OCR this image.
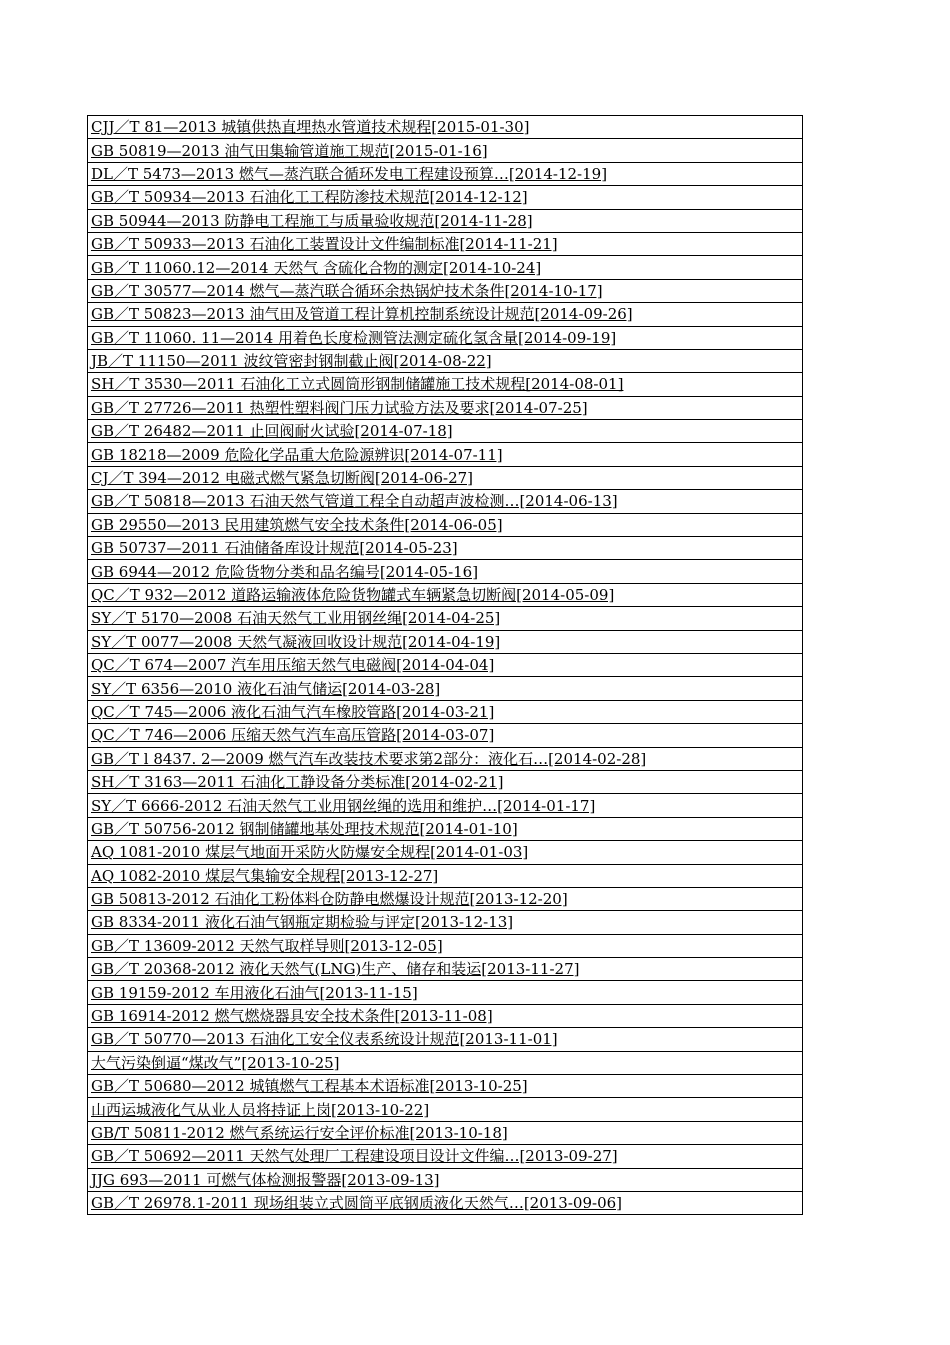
CJJ／T 81—2013 城镇供热直埋热水管道技术规程[2015-01-30]
GB 50819—2013 油气田集输管道施工规范[2015-01-16]
DL／T 5473—2013 燃气—蒸汽联合循环发电工程建设预算…[2014-12-19]
GB／T 50934—2013 石油化工工程防渗技术规范[2014-12-12]
GB 50944—2013 防静电工程施工与质量验收规范[2014-11-28]
GB／T 50933—2013 石油化工装置设计文件编制标准[2014-11-21]
GB／T 11060.12—2014 天然气 含硫化合物的测定[2014-10-24]
GB／T 30577—2014 燃气—蒸汽联合循环余热锅炉技术条件[2014-10-17]
GB／T 50823—2013 油气田及管道工程计算机控制系统设计规范[2014-09-26]
GB／T 11060. 11—2014 用着色长度检测管法测定硫化氢含量[2014-09-19]
JB／T 11150—2011 波纹管密封钢制截止阀[2014-08-22]
SH／T 3530—2011 石油化工立式圆筒形钢制储罐施工技术规程[2014-08-01]
GB／T 27726—2011 热塑性塑料阀门压力试验方法及要求[2014-07-25]
GB／T 26482—2011 止回阀耐火试验[2014-07-18]
GB 18218—2009 危险化学品重大危险源辨识[2014-07-11]
CJ／T 394—2012 电磁式燃气紧急切断阀[2014-06-27]
GB／T 50818—2013 石油天然气管道工程全自动超声波检测…[2014-06-13]
GB 29550—2013 民用建筑燃气安全技术条件[2014-06-05]
GB 50737—2011 石油储备库设计规范[2014-05-23]
GB 6944—2012 危险货物分类和品名编号[2014-05-16]
QC／T 932—2012 道路运输液体危险货物罐式车辆紧急切断阀[2014-05-09]
SY／T 5170—2008 石油天然气工业用钢丝绳[2014-04-25]
SY／T 0077—2008 天然气凝液回收设计规范[2014-04-19]
QC／T 674—2007 汽车用压缩天然气电磁阀[2014-04-04]
SY／T 6356—2010 液化石油气储运[2014-03-28]
QC／T 745—2006 液化石油气汽车橡胶管路[2014-03-21]
QC／T 746—2006 压缩天然气汽车高压管路[2014-03-07]
GB／T l 8437. 2—2009 燃气汽车改装技术要求第2部分：液化石…[2014-02-28]
SH／T 3163—2011 石油化工静设备分类标准[2014-02-21]
SY／T 6666-2012 石油天然气工业用钢丝绳的选用和维护…[2014-01-17]
GB／T 50756-2012 钢制储罐地基处理技术规范[2014-01-10]
AQ 1081-2010 煤层气地面开采防火防爆安全规程[2014-01-03]
AQ 1082-2010 煤层气集输安全规程[2013-12-27]
GB 50813-2012 石油化工粉体料仓防静电燃爆设计规范[2013-12-20]
GB 8334-2011 液化石油气钢瓶定期检验与评定[2013-12-13]
GB／T 13609-2012 天然气取样导则[2013-12-05]
GB／T 20368-2012 液化天然气(LNG)生产、储存和装运[2013-11-27]
GB 19159-2012 车用液化石油气[2013-11-15]
GB 16914-2012 燃气燃烧器具安全技术条件[2013-11-08]
GB／T 50770—2013 石油化工安全仪表系统设计规范[2013-11-01]
大气污染倒逼“煤改气”[2013-10-25]
GB／T 50680—2012 城镇燃气工程基本术语标准[2013-10-25]
山西运城液化气从业人员将持证上岗[2013-10-22]
GB/T 50811-2012 燃气系统运行安全评价标准[2013-10-18]
GB／T 50692—2011 天然气处理厂工程建设项目设计文件编…[2013-09-27]
JJG 693—2011 可燃气体检测报警器[2013-09-13]
GB／T 26978.1-2011 现场组装立式圆筒平底钢质液化天然气…[2013-09-06]
